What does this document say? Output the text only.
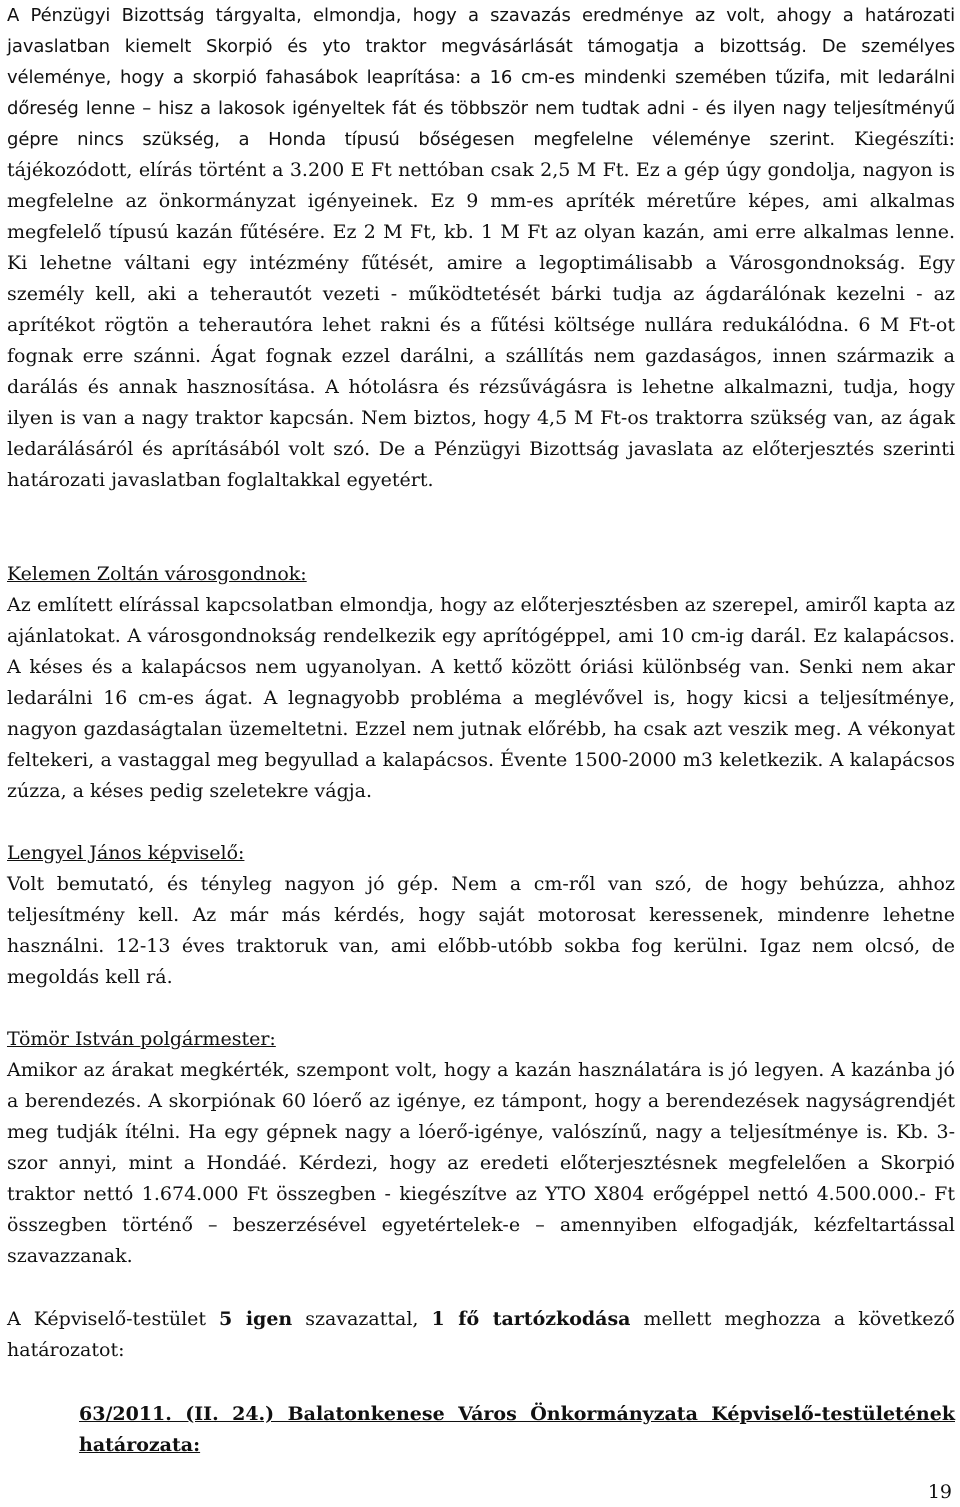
A Pénzügyi Bizottság tárgyalta, elmondja, hogy a szavazás eredménye az volt, ahogy a határozati javaslatban kiemelt Skorpió és yto traktor megvásárlását támogatja a bizottság. De személyes véleménye, hogy a skorpió fahasábok leaprítása: a 16 cm-es mindenki szemében tűzifa, mit ledarálni dőreség lenne – hisz a lakosok igényeltek fát és többször nem tudtak adni - és ilyen nagy teljesítményű gépre nincs szükség, a Honda típusú bőségesen megfelelne véleménye szerint. Kiegészíti: tájékozódott, elírás történt a 3.200 E Ft nettóban csak 2,5 M Ft. Ez a gép úgy gondolja, nagyon is megfelelne az önkormányzat igényeinek. Ez 9 mm-es apríték méretűre képes, ami alkalmas megfelelő típusú kazán fűtésére. Ez 2 M Ft, kb. 1 M Ft az olyan kazán, ami erre alkalmas lenne. Ki lehetne váltani egy intézmény fűtését, amire a legoptimálisabb a Városgondnokság. Egy személy kell, aki a teherautót vezeti - működtetését bárki tudja az ágdarálónak kezelni - az aprítékot rögtön a teherautóra lehet rakni és a fűtési költsége nullára redukálódna. 6 M Ft-ot fognak erre szánni. Ágat fognak ezzel darálni, a szállítás nem gazdaságos, innen származik a darálás és annak hasznosítása. A hótolásra és rézsűvágásra is lehetne alkalmazni, tudja, hogy ilyen is van a nagy traktor kapcsán. Nem biztos, hogy 4,5 M Ft-os traktorra szükség van, az ágak ledarálásáról és aprításából volt szó. De a Pénzügyi Bizottság javaslata az előterjesztés szerinti határozati javaslatban foglaltakkal egyetért.

Kelemen Zoltán városgondnok:

Az említett elírással kapcsolatban elmondja, hogy az előterjesztésben az szerepel, amiről kapta az ajánlatokat. A városgondnokság rendelkezik egy aprítógéppel, ami 10 cm-ig darál. Ez kalapácsos. A késes és a kalapácsos nem ugyanolyan. A kettő között óriási különbség van. Senki nem akar ledarálni 16 cm-es ágat. A legnagyobb probléma a meglévővel is, hogy kicsi a teljesítménye, nagyon gazdaságtalan üzemeltetni. Ezzel nem jutnak előrébb, ha csak azt veszik meg. A vékonyat feltekeri, a vastaggal meg begyullad a kalapácsos. Évente 1500-2000 m3 keletkezik. A kalapácsos zúzza, a késes pedig szeletekre vágja.

Lengyel János képviselő:

Volt bemutató, és tényleg nagyon jó gép. Nem a cm-ről van szó, de hogy behúzza, ahhoz teljesítmény kell. Az már más kérdés, hogy saját motorosat keressenek, mindenre lehetne használni. 12-13 éves traktoruk van, ami előbb-utóbb sokba fog kerülni. Igaz nem olcsó, de megoldás kell rá.

Tömör István polgármester:

Amikor az árakat megkérték, szempont volt, hogy a kazán használatára is jó legyen. A kazánba jó a berendezés. A skorpiónak 60 lóerő az igénye, ez támpont, hogy a berendezések nagyságrendjét meg tudják ítélni. Ha egy gépnek nagy a lóerő-igénye, valószínű, nagy a teljesítménye is. Kb. 3-szor annyi, mint a Hondáé. Kérdezi, hogy az eredeti előterjesztésnek megfelelően a Skorpió traktor nettó 1.674.000 Ft összegben - kiegészítve az YTO X804 erőgéppel nettó 4.500.000.- Ft összegben történő – beszerzésével egyetértelek-e – amennyiben elfogadják, kézfeltartással szavazzanak.

A Képviselő-testület 5 igen szavazattal, 1 fő tartózkodása mellett meghozza a következő határozatot:

63/2011. (II. 24.) Balatonkenese Város Önkormányzata Képviselő-testületének határozata:

19
